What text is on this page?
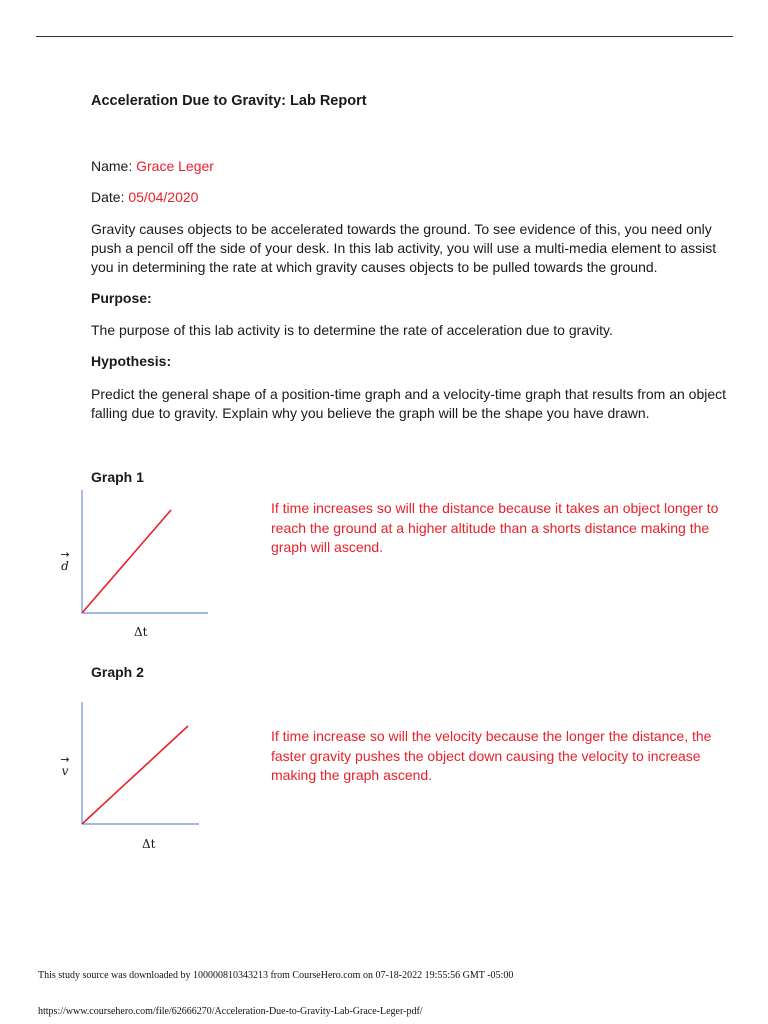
Acceleration Due to Gravity: Lab Report
Name: Grace Leger
Date: 05/04/2020
Gravity causes objects to be accelerated towards the ground. To see evidence of this, you need only
push a pencil off the side of your desk. In this lab activity, you will use a multi-media element to assist
you in determining the rate at which gravity causes objects to be pulled towards the ground.
Purpose:
The purpose of this lab activity is to determine the rate of acceleration due to gravity.
Hypothesis:
Predict the general shape of a position-time graph and a velocity-time graph that results from an object
falling due to gravity. Explain why you believe the graph will be the shape you have drawn.
Graph 1
→
d
Δt
If time increases so will the distance because it takes an object longer to
reach the ground at a higher altitude than a shorts distance making the
graph will ascend.
Graph 2
→
v
Δt
If time increase so will the velocity because the longer the distance, the
faster gravity pushes the object down causing the velocity to increase
making the graph ascend.
This study source was downloaded by 100000810343213 from CourseHero.com on 07-18-2022 19:55:56 GMT -05:00
https://www.coursehero.com/file/62666270/Acceleration-Due-to-Gravity-Lab-Grace-Leger-pdf/
